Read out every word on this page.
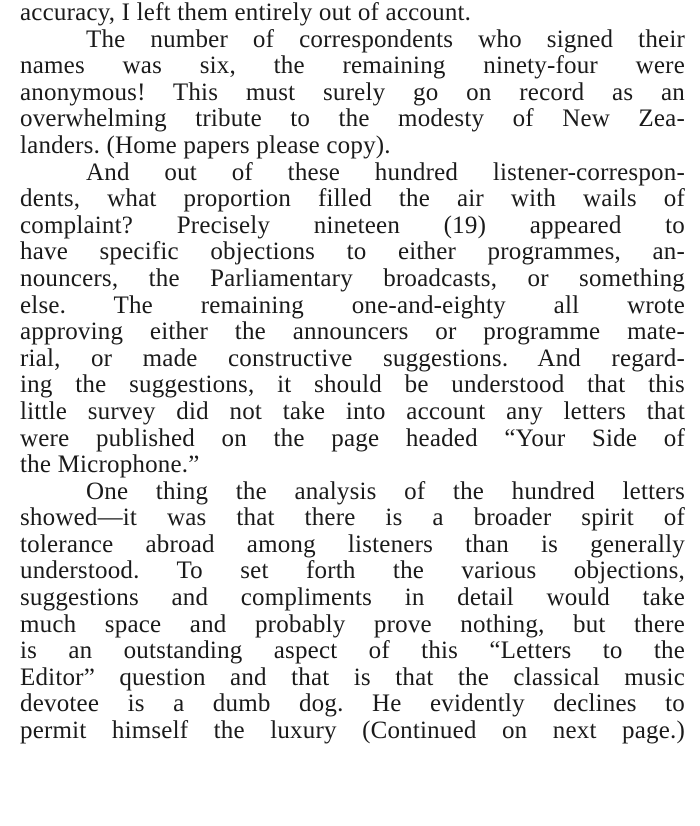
accuracy, I left them entirely out of account.
The number of correspondents who signed their
names was six, the remaining ninety-four were
anonymous! This must surely go on record as an
overwhelming tribute to the modesty of New Zea-
landers. (Home papers please copy).
And out of these hundred listener-correspon-
dents, what proportion filled the air with wails of
complaint? Precisely nineteen (19) appeared to
have specific objections to either programmes, an-
nouncers, the Parliamentary broadcasts, or something
else. The remaining one-and-eighty all wrote
approving either the announcers or programme mate-
rial, or made constructive suggestions. And regard-
ing the suggestions, it should be understood that this
little survey did not take into account any letters that
were published on the page headed “Your Side of
the Microphone.”
One thing the analysis of the hundred letters
showed—it was that there is a broader spirit of
tolerance abroad among listeners than is generally
understood. To set forth the various objections,
suggestions and compliments in detail would take
much space and probably prove nothing, but there
is an outstanding aspect of this “Letters to the
Editor” question and that is that the classical music
devotee is a dumb dog. He evidently declines to
permit himself the luxury (Continued on next page.)
